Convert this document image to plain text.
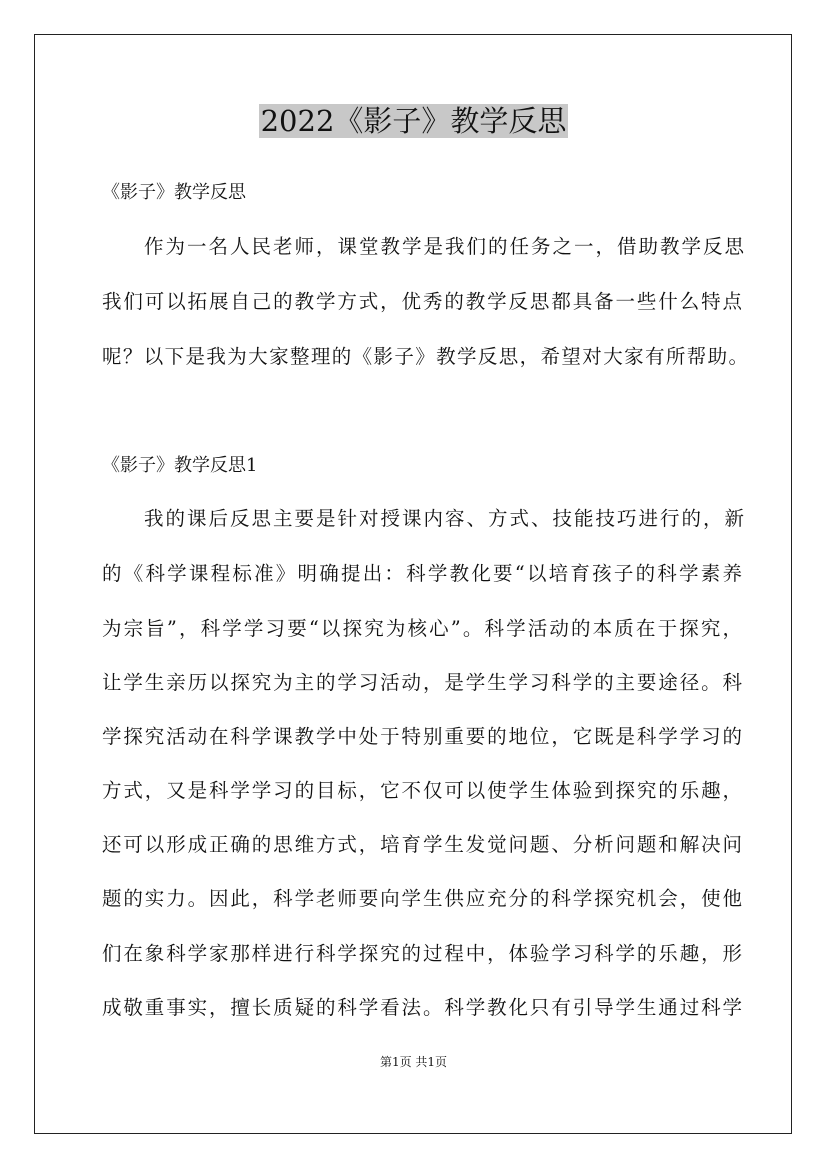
2022《影子》教学反思

《影子》教学反思

作为一名人民老师，课堂教学是我们的任务之一，借助教学反思

我们可以拓展自己的教学方式，优秀的教学反思都具备一些什么特点

呢？以下是我为大家整理的《影子》教学反思，希望对大家有所帮助。

《影子》教学反思1

我的课后反思主要是针对授课内容、方式、技能技巧进行的，新

的《科学课程标准》明确提出：科学教化要“以培育孩子的科学素养

为宗旨”，科学学习要“以探究为核心”。科学活动的本质在于探究，

让学生亲历以探究为主的学习活动，是学生学习科学的主要途径。科

学探究活动在科学课教学中处于特别重要的地位，它既是科学学习的

方式，又是科学学习的目标，它不仅可以使学生体验到探究的乐趣，

还可以形成正确的思维方式，培育学生发觉问题、分析问题和解决问

题的实力。因此，科学老师要向学生供应充分的科学探究机会，使他

们在象科学家那样进行科学探究的过程中，体验学习科学的乐趣，形

成敬重事实，擅长质疑的科学看法。科学教化只有引导学生通过科学

第1页 共1页
